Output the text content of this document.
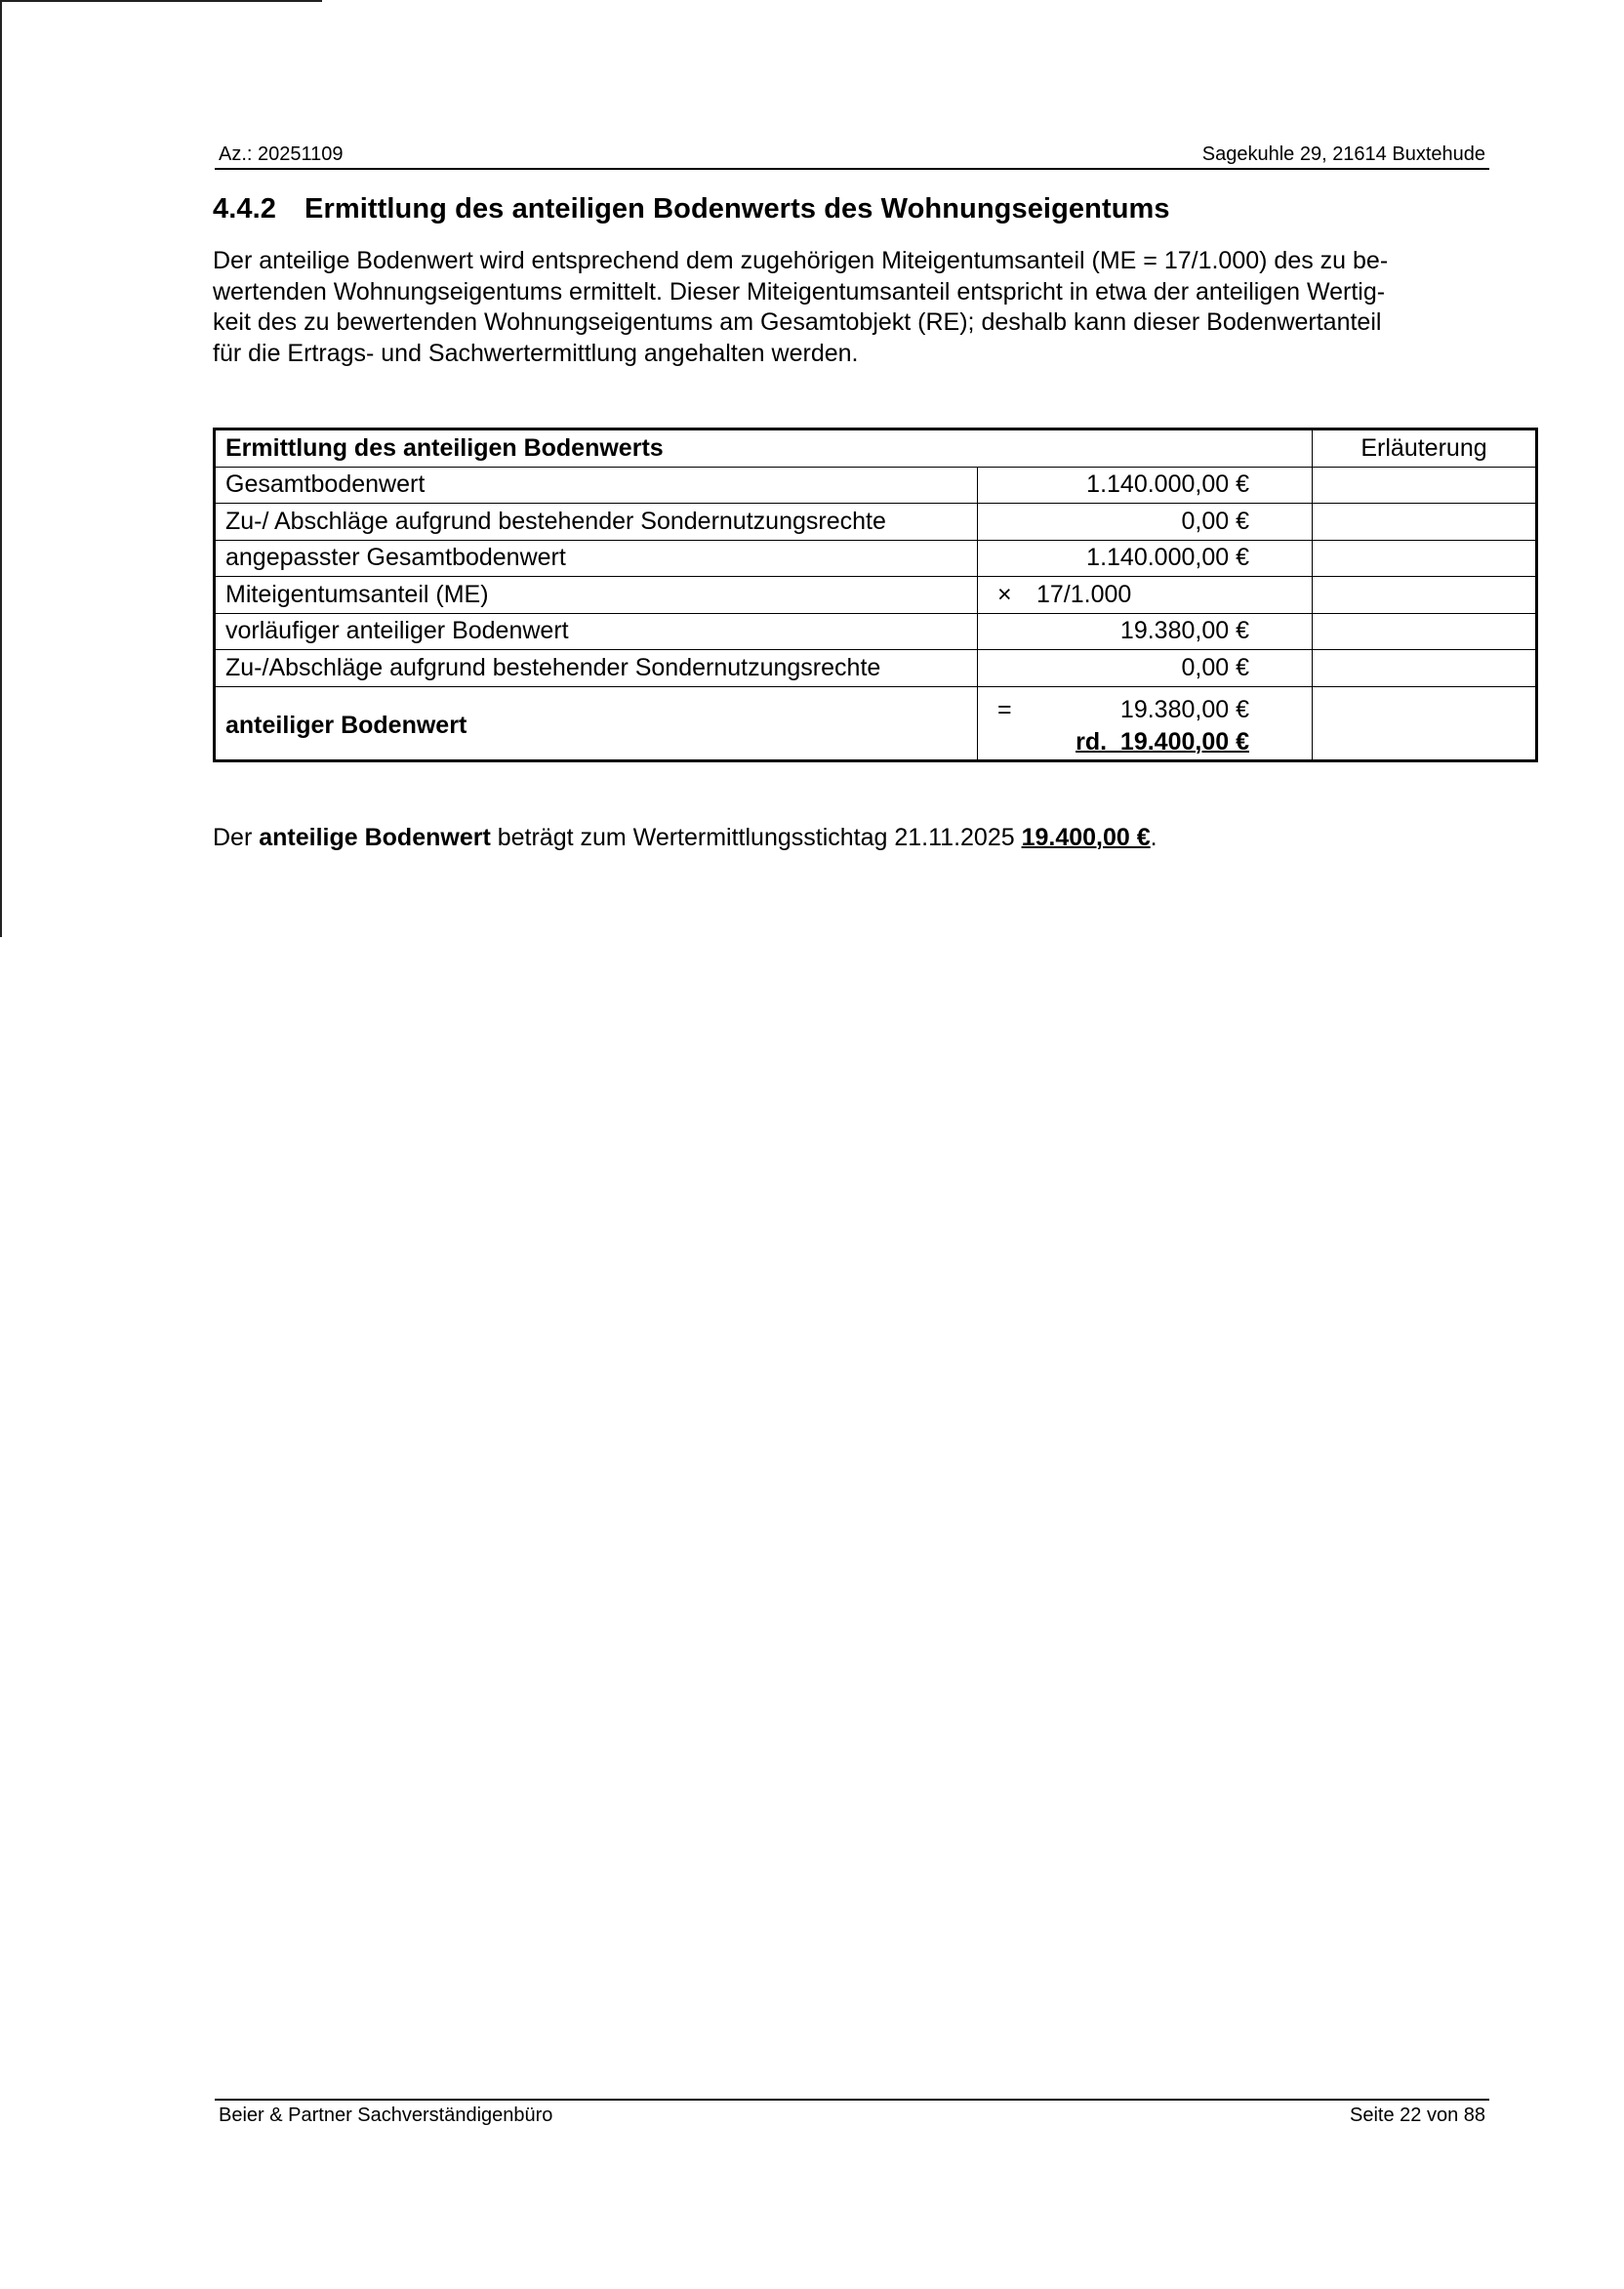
Az.: 20251109	Sagekuhle 29, 21614 Buxtehude
4.4.2 Ermittlung des anteiligen Bodenwerts des Wohnungseigentums
Der anteilige Bodenwert wird entsprechend dem zugehörigen Miteigentumsanteil (ME = 17/1.000) des zu be-
wertenden Wohnungseigentums ermittelt. Dieser Miteigentumsanteil entspricht in etwa der anteiligen Wertig-
keit des zu bewertenden Wohnungseigentums am Gesamtobjekt (RE); deshalb kann dieser Bodenwertanteil
für die Ertrags- und Sachwertermittlung angehalten werden.
Ermittlung des anteiligen Bodenwerts		Erläuterung
Gesamtbodenwert	1.140.000,00 €	
Zu-/ Abschläge aufgrund bestehender Sondernutzungsrechte	0,00 €	
angepasster Gesamtbodenwert	1.140.000,00 €	
Miteigentumsanteil (ME)	× 17/1.000	
vorläufiger anteiliger Bodenwert	19.380,00 €	
Zu-/Abschläge aufgrund bestehender Sondernutzungsrechte	0,00 €	
anteiliger Bodenwert	= 19.380,00 €
rd.  19.400,00 €	

Der anteilige Bodenwert beträgt zum Wertermittlungsstichtag 21.11.2025 19.400,00 €.

Beier & Partner Sachverständigenbüro	Seite 22 von 88
